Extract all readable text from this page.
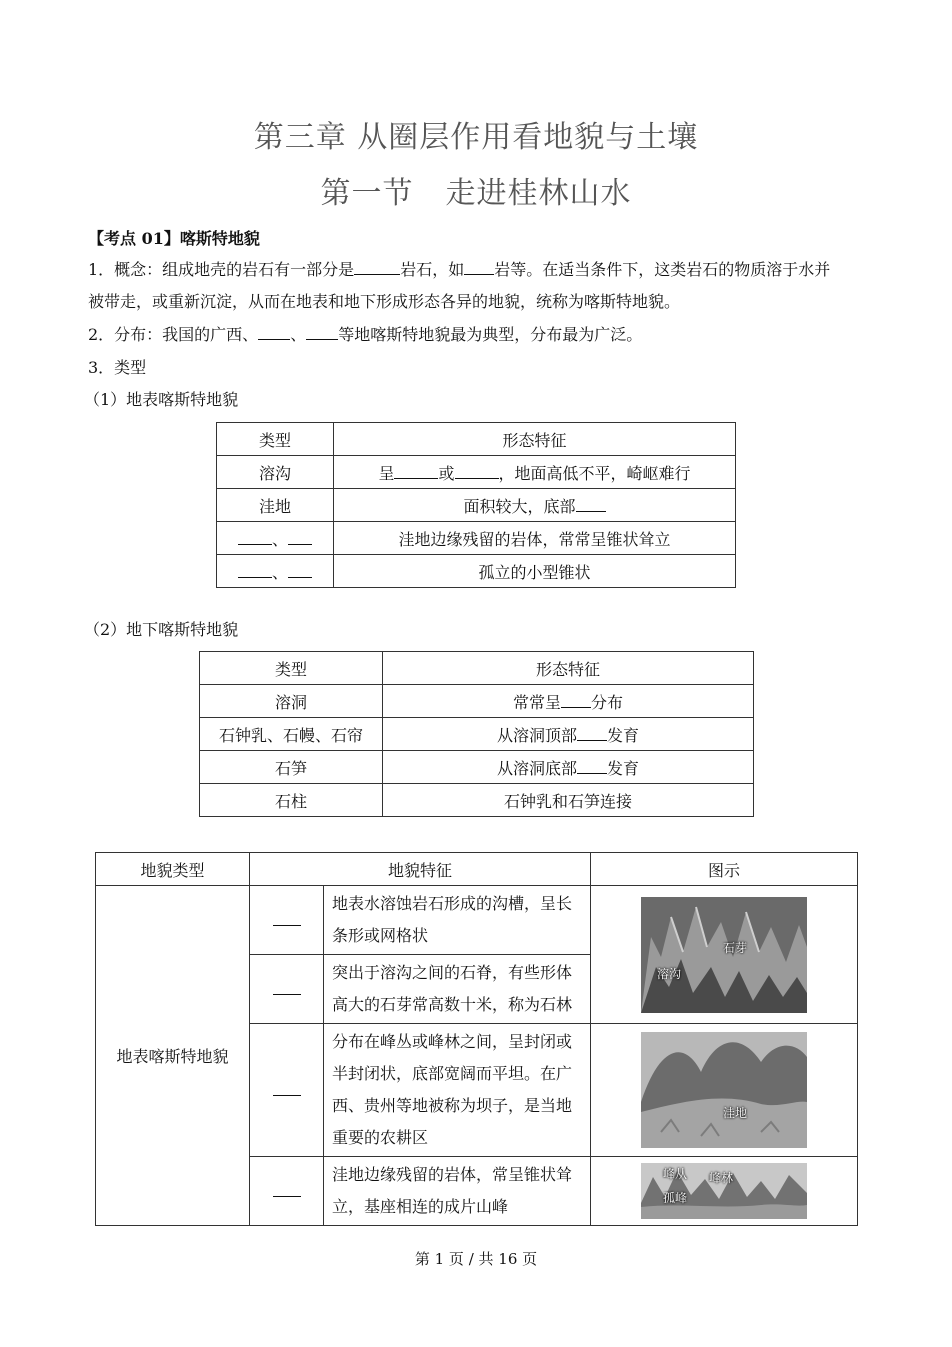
第三章 从圈层作用看地貌与土壤
第一节 走进桂林山水
【考点 01】喀斯特地貌
1．概念：组成地壳的岩石有一部分是	岩石，如 岩等。在适当条件下，这类岩石的物质溶于水并
被带走，或重新沉淀，从而在地表和地下形成形态各异的地貌，统称为喀斯特地貌。
2．分布：我国的广西、 、 等地喀斯特地貌最为典型，分布最为广泛。
3．类型
（1）地表喀斯特地貌
类型	形态特征
溶沟	呈 或 ，地面高低不平，崎岖难行
洼地	面积较大，底部
、	洼地边缘残留的岩体，常常呈锥状耸立
、	孤立的小型锥状
（2）地下喀斯特地貌
类型	形态特征
溶洞	常常呈 分布
石钟乳、石幔、石帘	从溶洞顶部 发育
石笋	从溶洞底部 发育
石柱	石钟乳和石笋连接
地貌类型	地貌特征		图示
地表喀斯特地貌		地表水溶蚀岩石形成的沟槽，呈长条形或网格状	石芽
溶沟

		突出于溶沟之间的石脊，有些形体高大的石芽常高数十米，称为石林	
		分布在峰丛或峰林之间，呈封闭或半封闭状，底部宽阔而平坦。在广西、贵州等地被称为坝子，是当地重要的农耕区	洼地

		洼地边缘残留的岩体，常呈锥状耸立，基座相连的成片山峰	峰从 峰林
孤峰
第 1 页 / 共 16 页
